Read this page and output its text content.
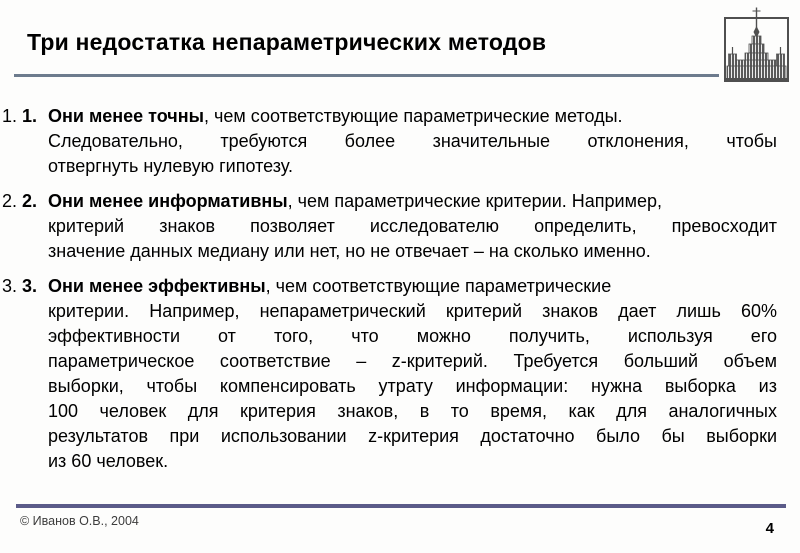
Три недостатка непараметрических методов
1. 1. Они менее точны, чем соответствующие параметрические методы.
Следовательно, требуются более значительные отклонения, чтобы
отвергнуть нулевую гипотезу.
2. 2. Они менее информативны, чем параметрические критерии. Например,
критерий знаков позволяет исследователю определить, превосходит
значение данных медиану или нет, но не отвечает – на сколько именно.
3. 3. Они менее эффективны, чем соответствующие параметрические
критерии. Например, непараметрический критерий знаков дает лишь 60%
эффективности от того, что можно получить, используя его
параметрическое соответствие – z-критерий. Требуется больший объем
выборки, чтобы компенсировать утрату информации: нужна выборка из
100 человек для критерия знаков, в то время, как для аналогичных
результатов при использовании z-критерия достаточно было бы выборки
из 60 человек.
© Иванов О.В., 2004	4
